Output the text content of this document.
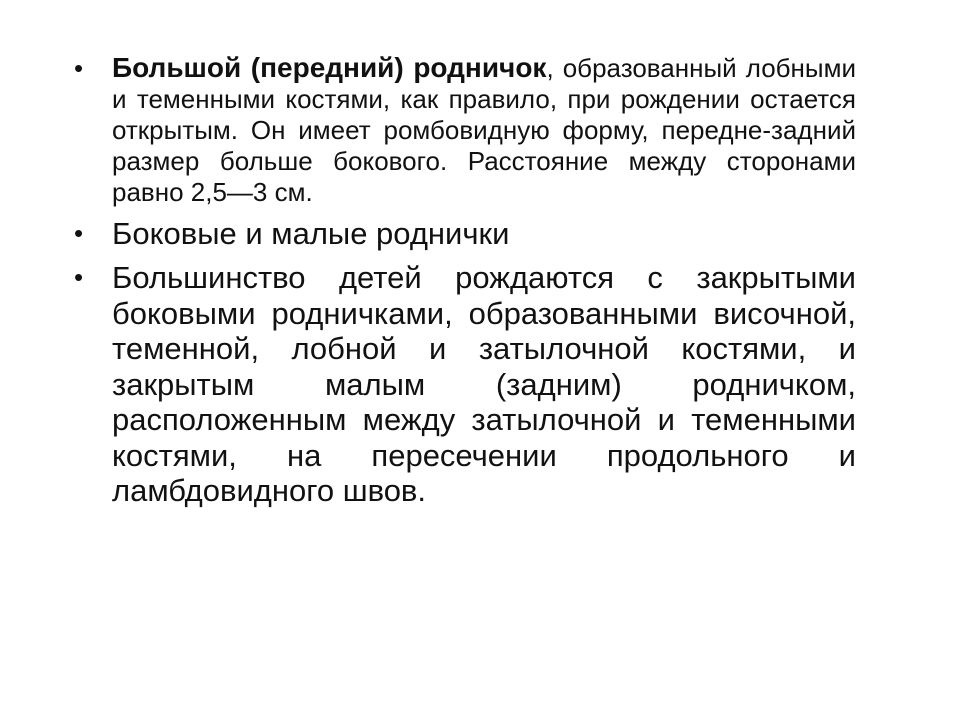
• Большой (передний) родничок, образованный лобными и теменными костями, как правило, при рождении остается открытым. Он имеет ромбовидную форму, передне-задний размер больше бокового. Расстояние между сторонами равно 2,5—3 см.
• Боковые и малые роднички
• Большинство детей рождаются с закрытыми боковыми родничками, образованными височной, теменной, лобной и затылочной костями, и закрытым малым (задним) родничком, расположенным между затылочной и теменными костями, на пересечении продольного и ламбдовидного швов.
